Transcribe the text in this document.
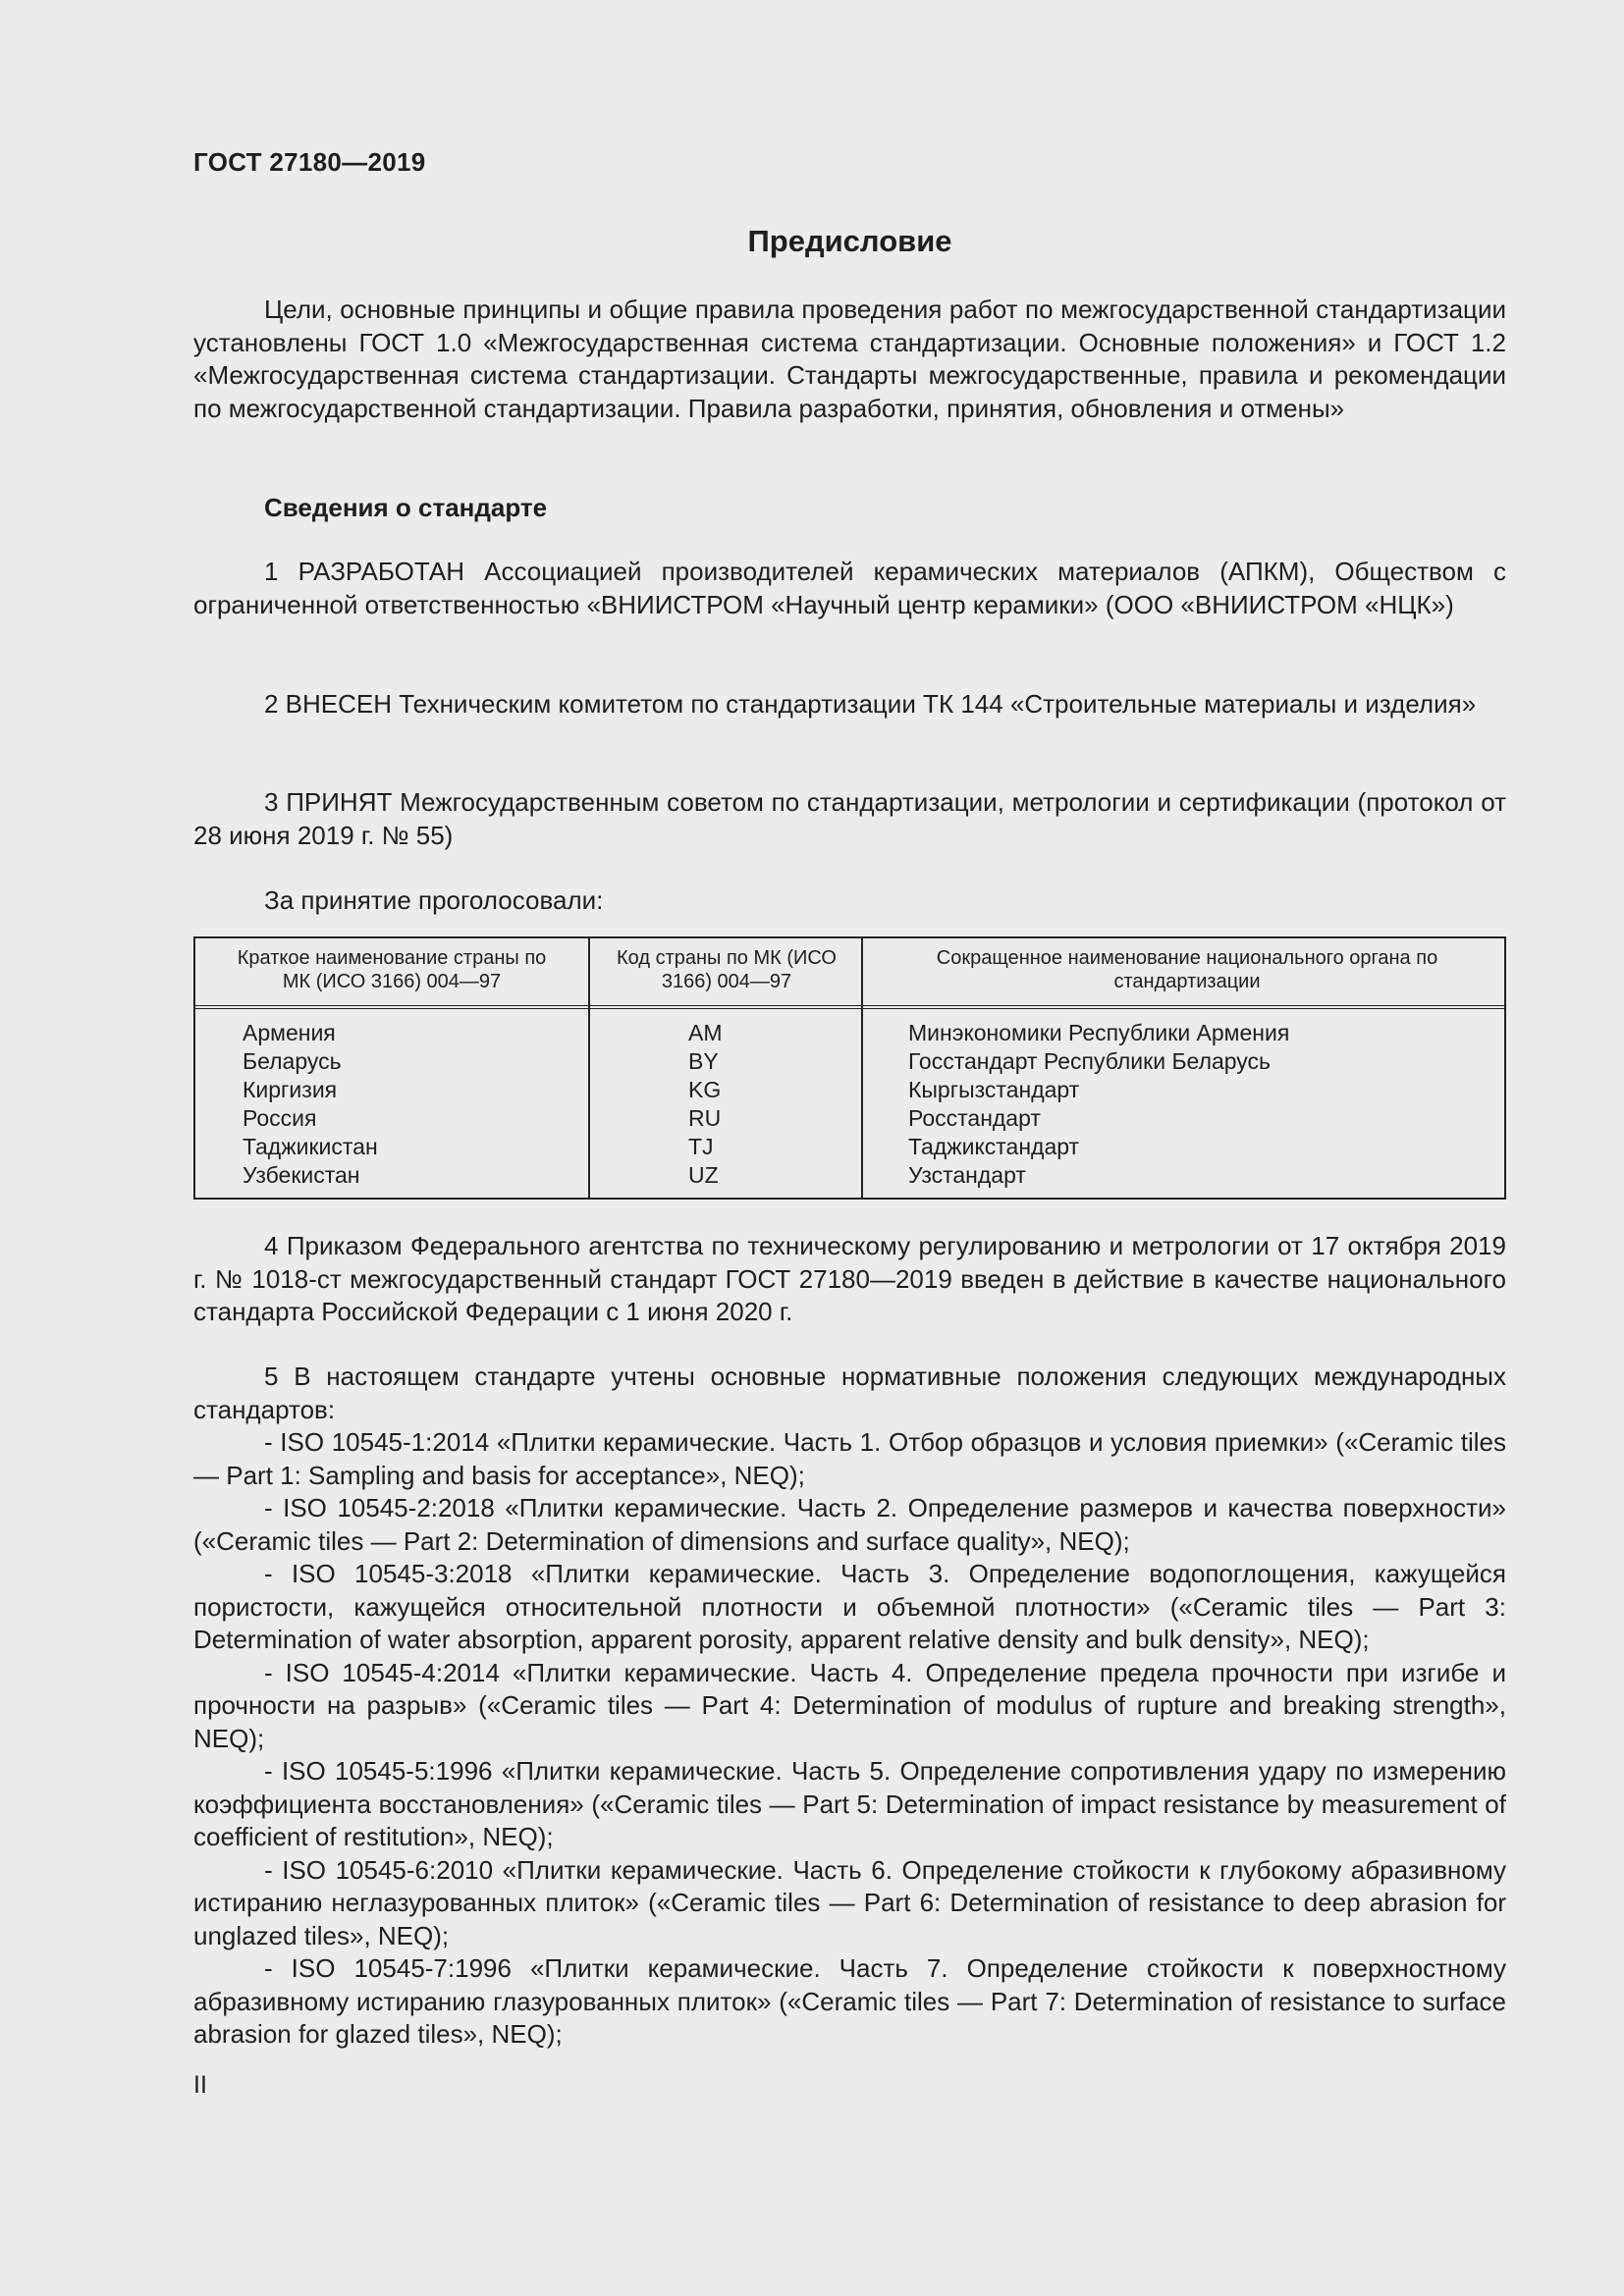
ГОСТ 27180—2019
Предисловие

Цели, основные принципы и общие правила проведения работ по межгосударственной стандартизации установлены ГОСТ 1.0 «Межгосударственная система стандартизации. Основные положения» и ГОСТ 1.2 «Межгосударственная система стандартизации. Стандарты межгосударственные, правила и рекомендации по межгосударственной стандартизации. Правила разработки, принятия, обновления и отмены»

Сведения о стандарте

1 РАЗРАБОТАН Ассоциацией производителей керамических материалов (АПКМ), Обществом с ограниченной ответственностью «ВНИИСТРОМ «Научный центр керамики» (ООО «ВНИИСТРОМ «НЦК»)

2 ВНЕСЕН Техническим комитетом по стандартизации ТК 144 «Строительные материалы и изделия»

3 ПРИНЯТ Межгосударственным советом по стандартизации, метрологии и сертификации (протокол от 28 июня 2019 г. № 55)

За принятие проголосовали:

Краткое наименование страны по МК (ИСО 3166) 004—97
Код страны по МК (ИСО 3166) 004—97
Сокращенное наименование национального органа по стандартизации
Армения
Беларусь
Киргизия
Россия
Таджикистан
Узбекистан
AM
BY
KG
RU
TJ
UZ
Минэкономики Республики Армения
Госстандарт Республики Беларусь
Кыргызстандарт
Росстандарт
Таджикстандарт
Узстандарт

4 Приказом Федерального агентства по техническому регулированию и метрологии от 17 октября 2019 г. № 1018-ст межгосударственный стандарт ГОСТ 27180—2019 введен в действие в качестве национального стандарта Российской Федерации с 1 июня 2020 г.

5 В настоящем стандарте учтены основные нормативные положения следующих международных стандартов:

- ISO 10545-1:2014 «Плитки керамические. Часть 1. Отбор образцов и условия приемки» («Ceramic tiles — Part 1: Sampling and basis for acceptance», NEQ);

- ISO 10545-2:2018 «Плитки керамические. Часть 2. Определение размеров и качества поверхности» («Ceramic tiles — Part 2: Determination of dimensions and surface quality», NEQ);

- ISO 10545-3:2018 «Плитки керамические. Часть 3. Определение водопоглощения, кажущейся пористости, кажущейся относительной плотности и объемной плотности» («Ceramic tiles — Part 3: Determination of water absorption, apparent porosity, apparent relative density and bulk density», NEQ);

- ISO 10545-4:2014 «Плитки керамические. Часть 4. Определение предела прочности при изгибе и прочности на разрыв» («Ceramic tiles — Part 4: Determination of modulus of rupture and breaking strength», NEQ);

- ISO 10545-5:1996 «Плитки керамические. Часть 5. Определение сопротивления удару по измерению коэффициента восстановления» («Ceramic tiles — Part 5: Determination of impact resistance by measurement of coefficient of restitution», NEQ);

- ISO 10545-6:2010 «Плитки керамические. Часть 6. Определение стойкости к глубокому абразивному истиранию неглазурованных плиток» («Ceramic tiles — Part 6: Determination of resistance to deep abrasion for unglazed tiles», NEQ);

- ISO 10545-7:1996 «Плитки керамические. Часть 7. Определение стойкости к поверхностному абразивному истиранию глазурованных плиток» («Ceramic tiles — Part 7: Determination of resistance to surface abrasion for glazed tiles», NEQ);

II
